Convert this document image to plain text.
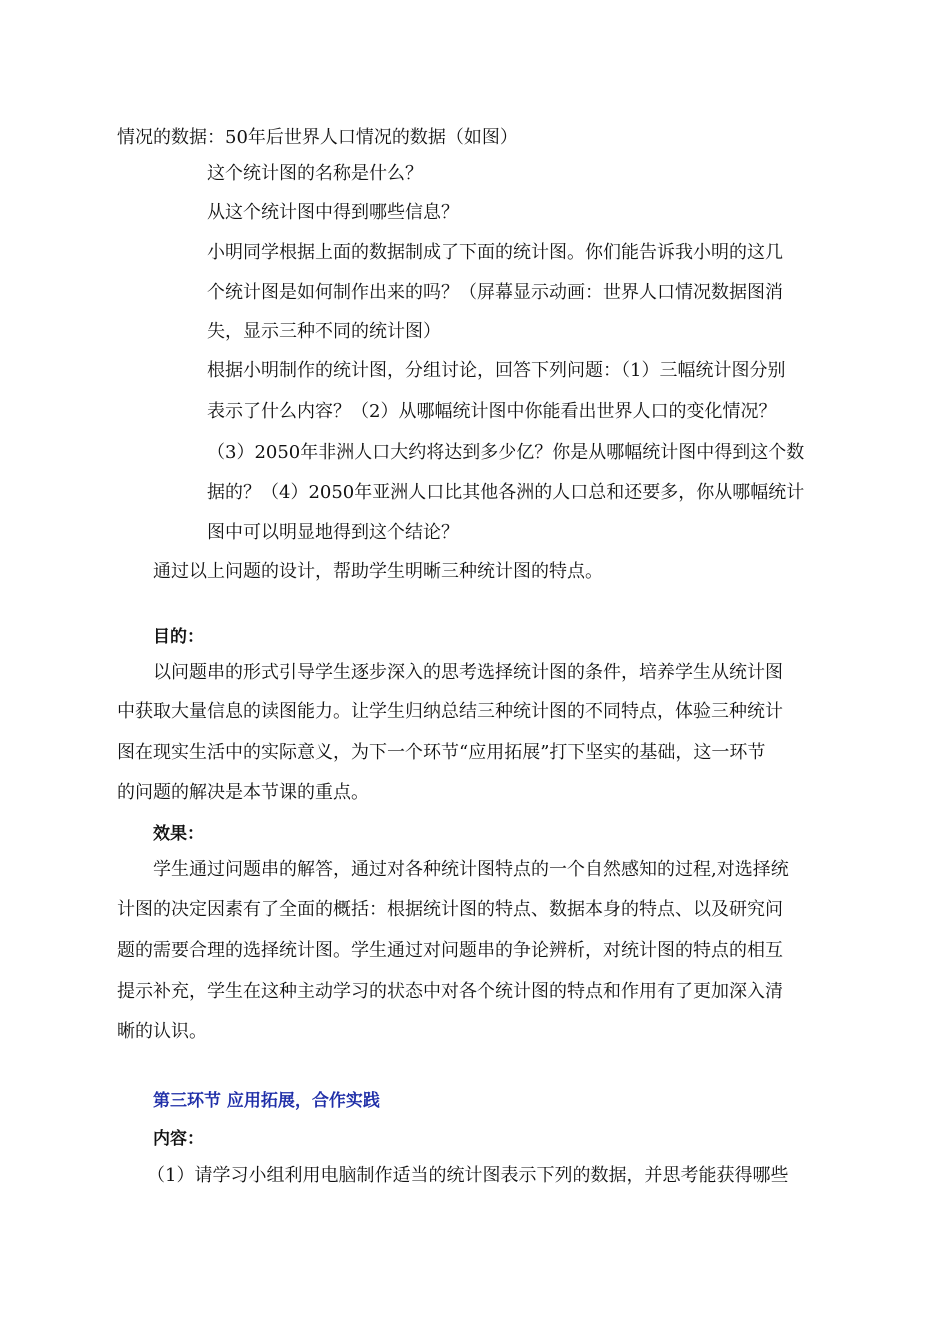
情况的数据：50年后世界人口情况的数据（如图）
这个统计图的名称是什么？
从这个统计图中得到哪些信息？
小明同学根据上面的数据制成了下面的统计图。你们能告诉我小明的这几
个统计图是如何制作出来的吗？（屏幕显示动画：世界人口情况数据图消
失，显示三种不同的统计图）
根据小明制作的统计图，分组讨论，回答下列问题：（1）三幅统计图分别
表示了什么内容？（2）从哪幅统计图中你能看出世界人口的变化情况？
（3）2050年非洲人口大约将达到多少亿？你是从哪幅统计图中得到这个数
据的？（4）2050年亚洲人口比其他各洲的人口总和还要多，你从哪幅统计
图中可以明显地得到这个结论？
通过以上问题的设计，帮助学生明晰三种统计图的特点。
目的：
以问题串的形式引导学生逐步深入的思考选择统计图的条件，培养学生从统计图
中获取大量信息的读图能力。让学生归纳总结三种统计图的不同特点，体验三种统计
图在现实生活中的实际意义，为下一个环节“应用拓展”打下坚实的基础，这一环节
的问题的解决是本节课的重点。
效果：
学生通过问题串的解答，通过对各种统计图特点的一个自然感知的过程,对选择统
计图的决定因素有了全面的概括：根据统计图的特点、数据本身的特点、以及研究问
题的需要合理的选择统计图。学生通过对问题串的争论辨析，对统计图的特点的相互
提示补充，学生在这种主动学习的状态中对各个统计图的特点和作用有了更加深入清
晰的认识。
第三环节 应用拓展，合作实践
内容：
（1）请学习小组利用电脑制作适当的统计图表示下列的数据，并思考能获得哪些
